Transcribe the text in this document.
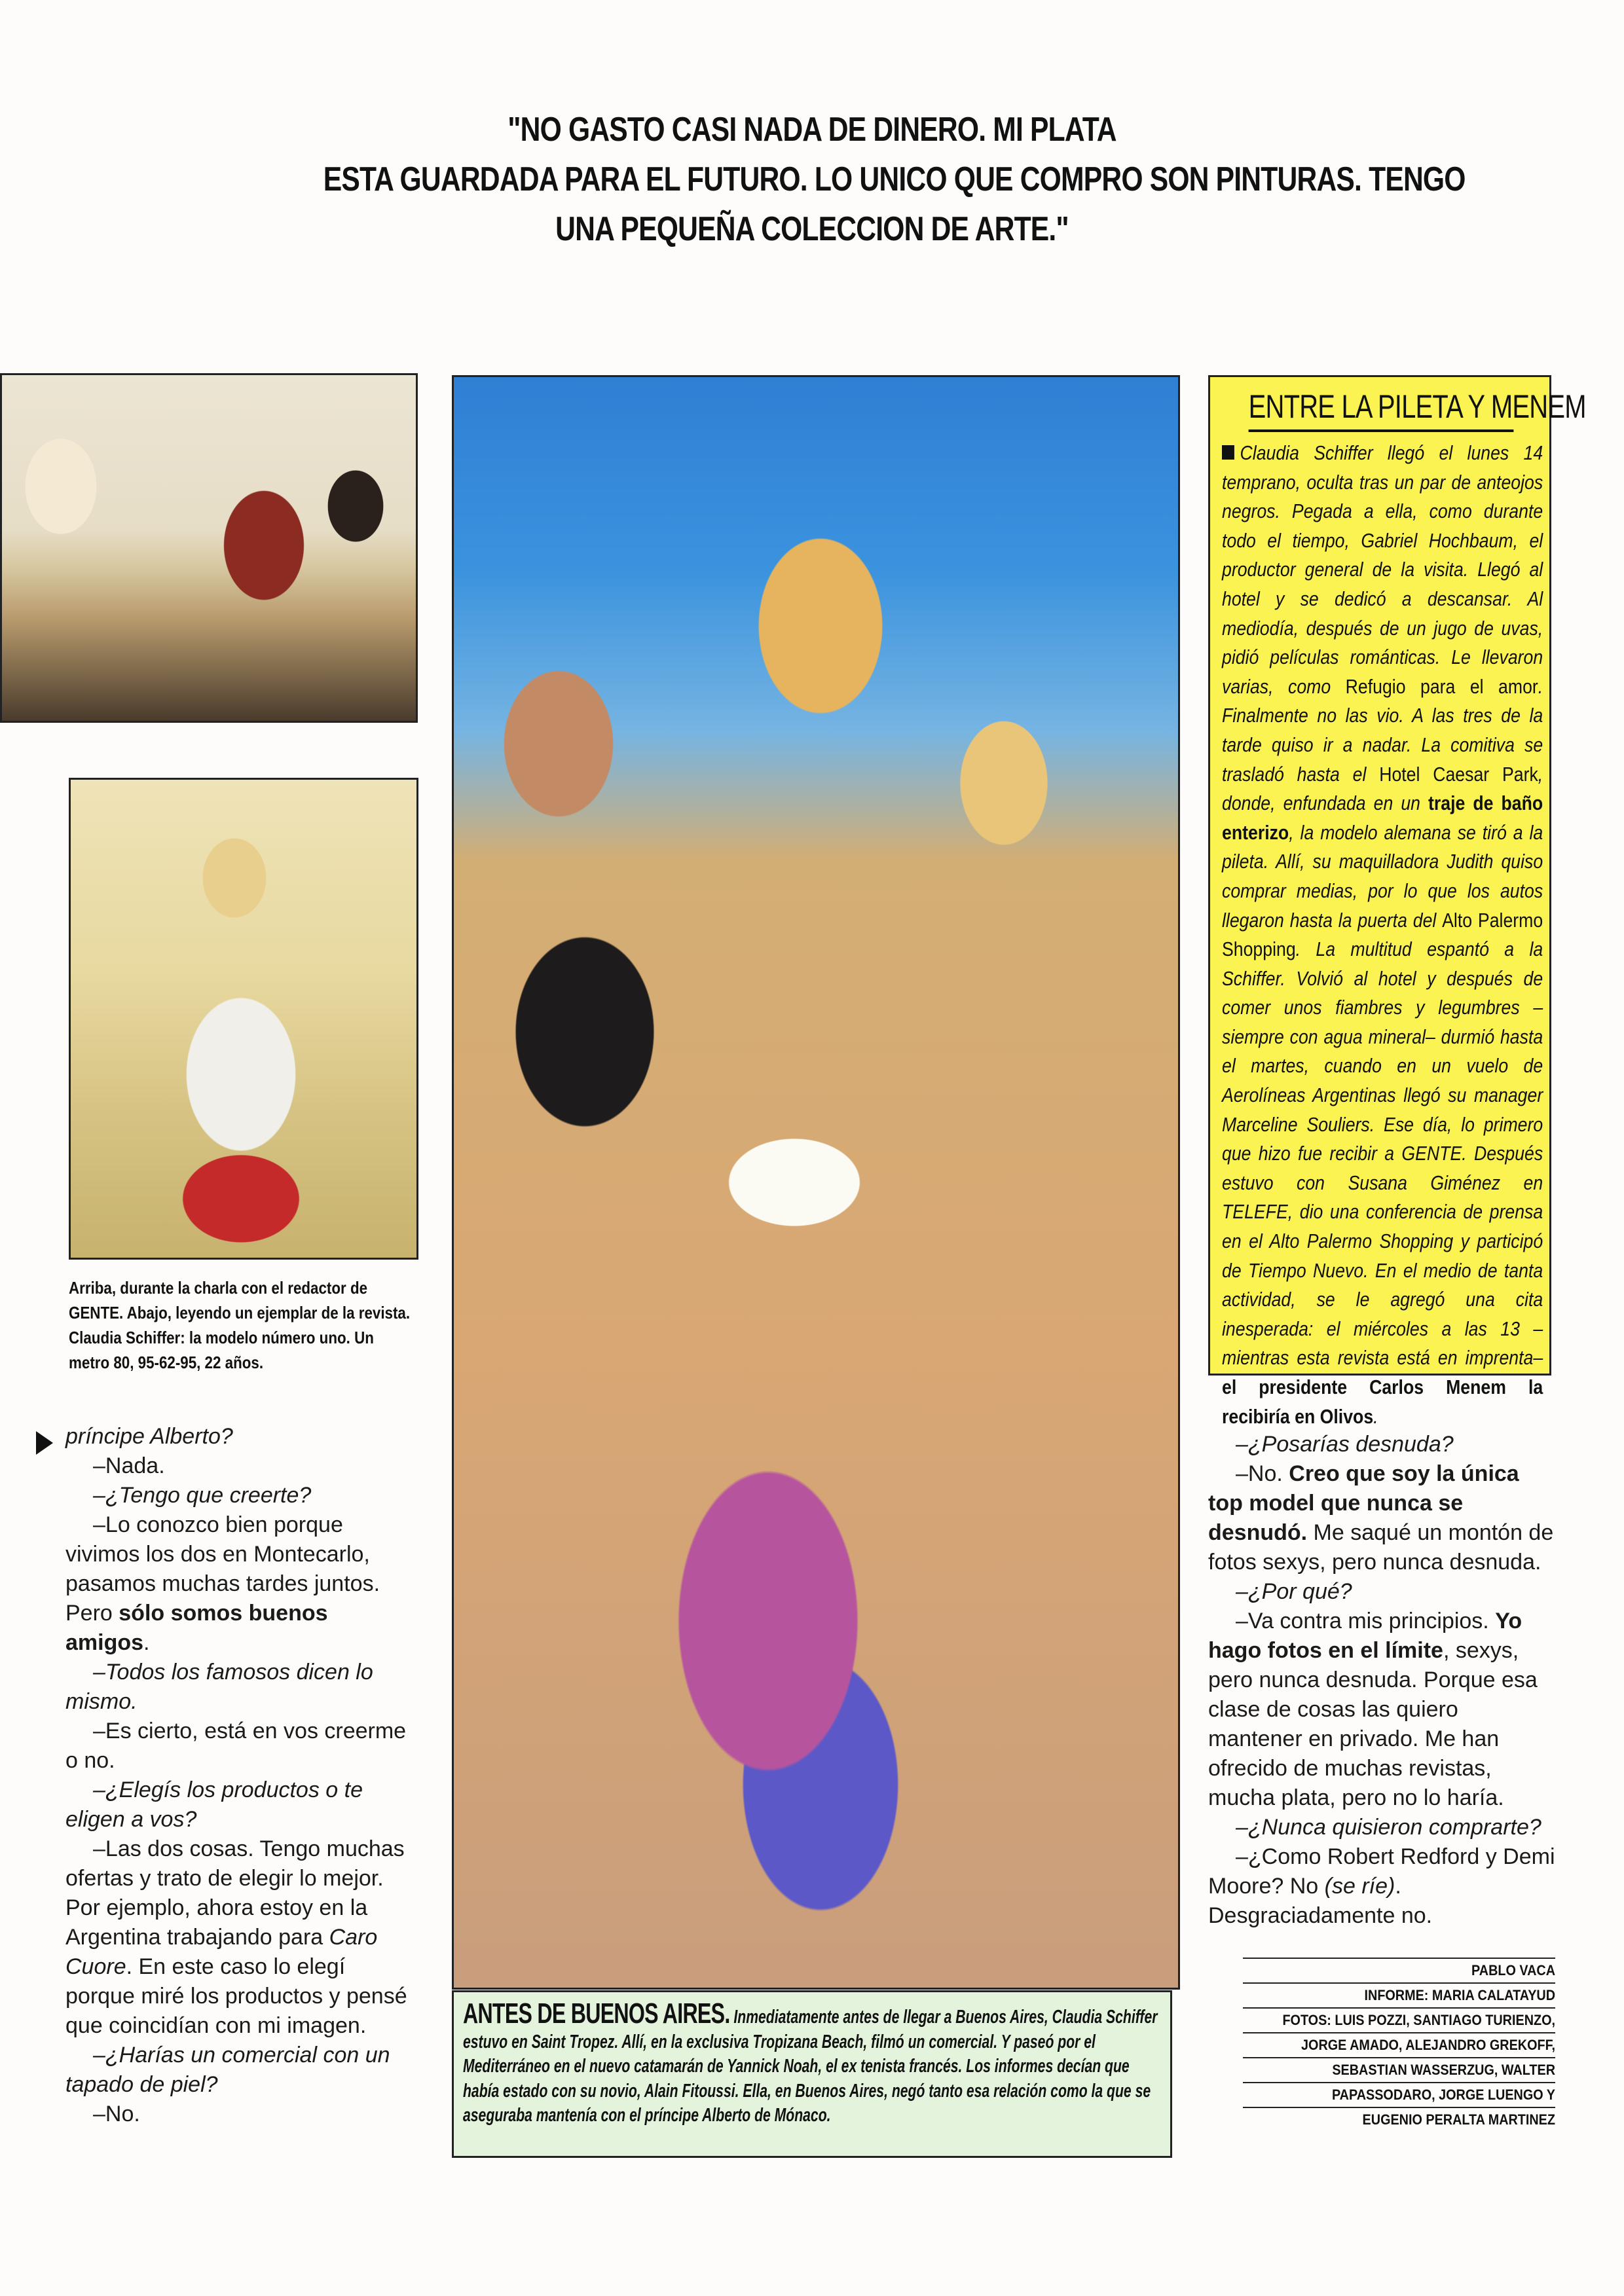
"NO GASTO CASI NADA DE DINERO. MI PLATA
ESTA GUARDADA PARA EL FUTURO. LO UNICO QUE COMPRO SON PINTURAS. TENGO
UNA PEQUEÑA COLECCION DE ARTE."
Arriba, durante la charla con el redactor de GENTE. Abajo, leyendo un ejemplar de la revista. Claudia Schiffer: la modelo número uno. Un metro 80, 95-62-95, 22 años.

príncipe Alberto?

–Nada.

–¿Tengo que creerte?

–Lo conozco bien porque vivimos los dos en Montecarlo, pasamos muchas tardes juntos. Pero sólo somos buenos amigos.

–Todos los famosos dicen lo mismo.

–Es cierto, está en vos creerme o no.

–¿Elegís los productos o te eligen a vos?

–Las dos cosas. Tengo muchas ofertas y trato de elegir lo mejor. Por ejemplo, ahora estoy en la Argentina trabajando para Caro Cuore. En este caso lo elegí porque miré los productos y pensé que coincidían con mi imagen.

–¿Harías un comercial con un tapado de piel?

–No.

ENTRE LA PILETA Y MENEM
Claudia Schiffer llegó el lunes 14 temprano, oculta tras un par de anteojos negros. Pegada a ella, como durante todo el tiempo, Gabriel Hochbaum, el productor general de la visita. Llegó al hotel y se dedicó a descansar. Al mediodía, después de un jugo de uvas, pidió películas románticas. Le llevaron varias, como Refugio para el amor. Finalmente no las vio. A las tres de la tarde quiso ir a nadar. La comitiva se trasladó hasta el Hotel Caesar Park, donde, enfundada en un traje de baño enterizo, la modelo alemana se tiró a la pileta. Allí, su maquilladora Judith quiso comprar medias, por lo que los autos llegaron hasta la puerta del Alto Palermo Shopping. La multitud espantó a la Schiffer. Volvió al hotel y después de comer unos fiambres y legumbres –siempre con agua mineral– durmió hasta el martes, cuando en un vuelo de Aerolíneas Argentinas llegó su manager Marceline Souliers. Ese día, lo primero que hizo fue recibir a GENTE. Después estuvo con Susana Giménez en TELEFE, dio una conferencia de prensa en el Alto Palermo Shopping y participó de Tiempo Nuevo. En el medio de tanta actividad, se le agregó una cita inesperada: el miércoles a las 13 –mientras esta revista está en imprenta– el presidente Carlos Menem la recibiría en Olivos.

–¿Posarías desnuda?

–No. Creo que soy la única top model que nunca se desnudó. Me saqué un montón de fotos sexys, pero nunca desnuda.

–¿Por qué?

–Va contra mis principios. Yo hago fotos en el límite, sexys, pero nunca desnuda. Porque esa clase de cosas las quiero mantener en privado. Me han ofrecido de muchas revistas, mucha plata, pero no lo haría.

–¿Nunca quisieron comprarte?

–¿Como Robert Redford y Demi Moore? No (se ríe). Desgraciadamente no.

PABLO VACA
INFORME: MARIA CALATAYUD
FOTOS: LUIS POZZI, SANTIAGO TURIENZO,
JORGE AMADO, ALEJANDRO GREKOFF,
SEBASTIAN WASSERZUG, WALTER
PAPASSODARO, JORGE LUENGO Y
EUGENIO PERALTA MARTINEZ
ANTES DE BUENOS AIRES. Inmediatamente antes de llegar a Buenos Aires, Claudia Schiffer estuvo en Saint Tropez. Allí, en la exclusiva Tropizana Beach, filmó un comercial. Y paseó por el Mediterráneo en el nuevo catamarán de Yannick Noah, el ex tenista francés. Los informes decían que había estado con su novio, Alain Fitoussi. Ella, en Buenos Aires, negó tanto esa relación como la que se aseguraba mantenía con el príncipe Alberto de Mónaco.
